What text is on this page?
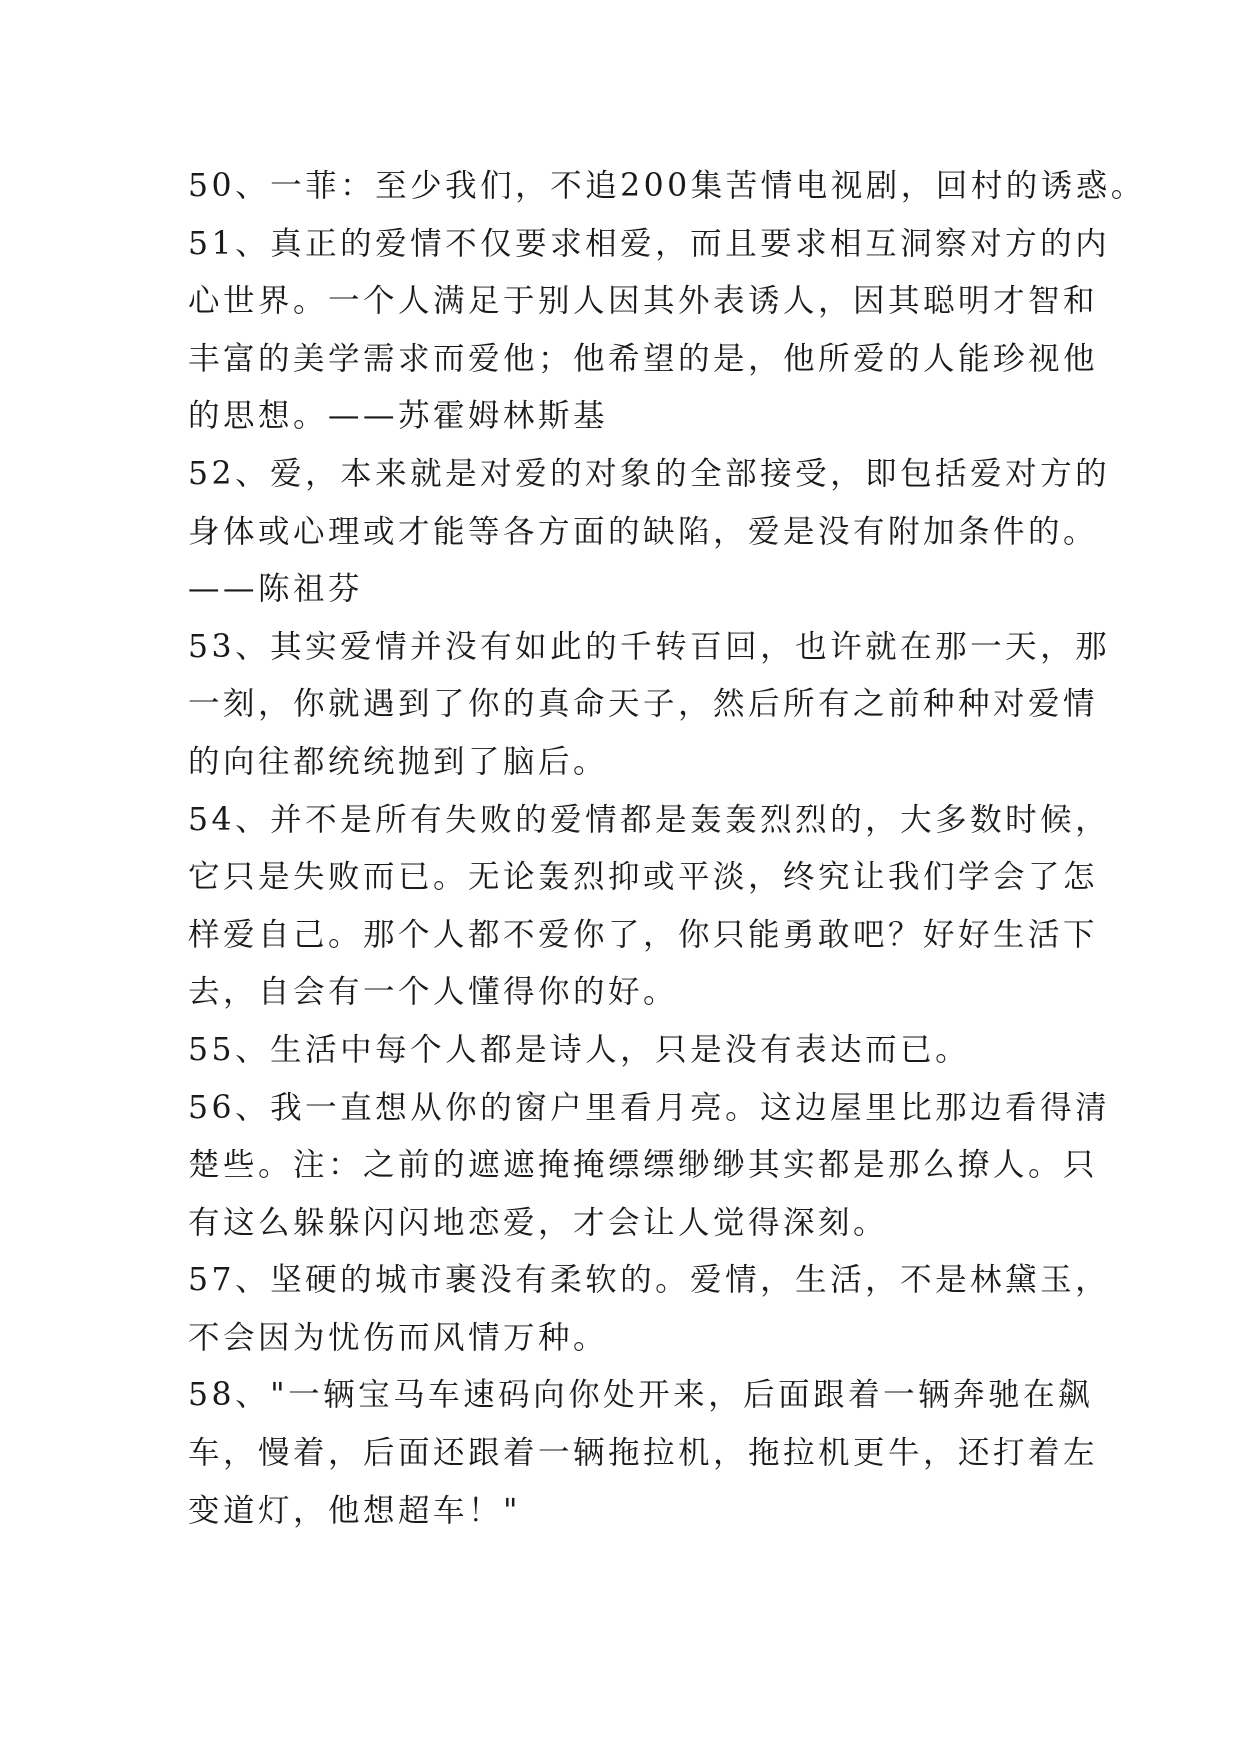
50、一菲：至少我们，不追200集苦情电视剧，回村的诱惑。
51、真正的爱情不仅要求相爱，而且要求相互洞察对方的内
心世界。一个人满足于别人因其外表诱人，因其聪明才智和
丰富的美学需求而爱他；他希望的是，他所爱的人能珍视他
的思想。——苏霍姆林斯基
52、爱，本来就是对爱的对象的全部接受，即包括爱对方的
身体或心理或才能等各方面的缺陷，爱是没有附加条件的。
——陈祖芬
53、其实爱情并没有如此的千转百回，也许就在那一天，那
一刻，你就遇到了你的真命天子，然后所有之前种种对爱情
的向往都统统抛到了脑后。
54、并不是所有失败的爱情都是轰轰烈烈的，大多数时候，
它只是失败而已。无论轰烈抑或平淡，终究让我们学会了怎
样爱自己。那个人都不爱你了，你只能勇敢吧？好好生活下
去，自会有一个人懂得你的好。
55、生活中每个人都是诗人，只是没有表达而已。
56、我一直想从你的窗户里看月亮。这边屋里比那边看得清
楚些。注：之前的遮遮掩掩缥缥缈缈其实都是那么撩人。只
有这么躲躲闪闪地恋爱，才会让人觉得深刻。
57、坚硬的城市裹没有柔软的。爱情，生活，不是林黛玉，
不会因为忧伤而风情万种。
58、"一辆宝马车速码向你处开来，后面跟着一辆奔驰在飙
车，慢着，后面还跟着一辆拖拉机，拖拉机更牛，还打着左
变道灯，他想超车！"
